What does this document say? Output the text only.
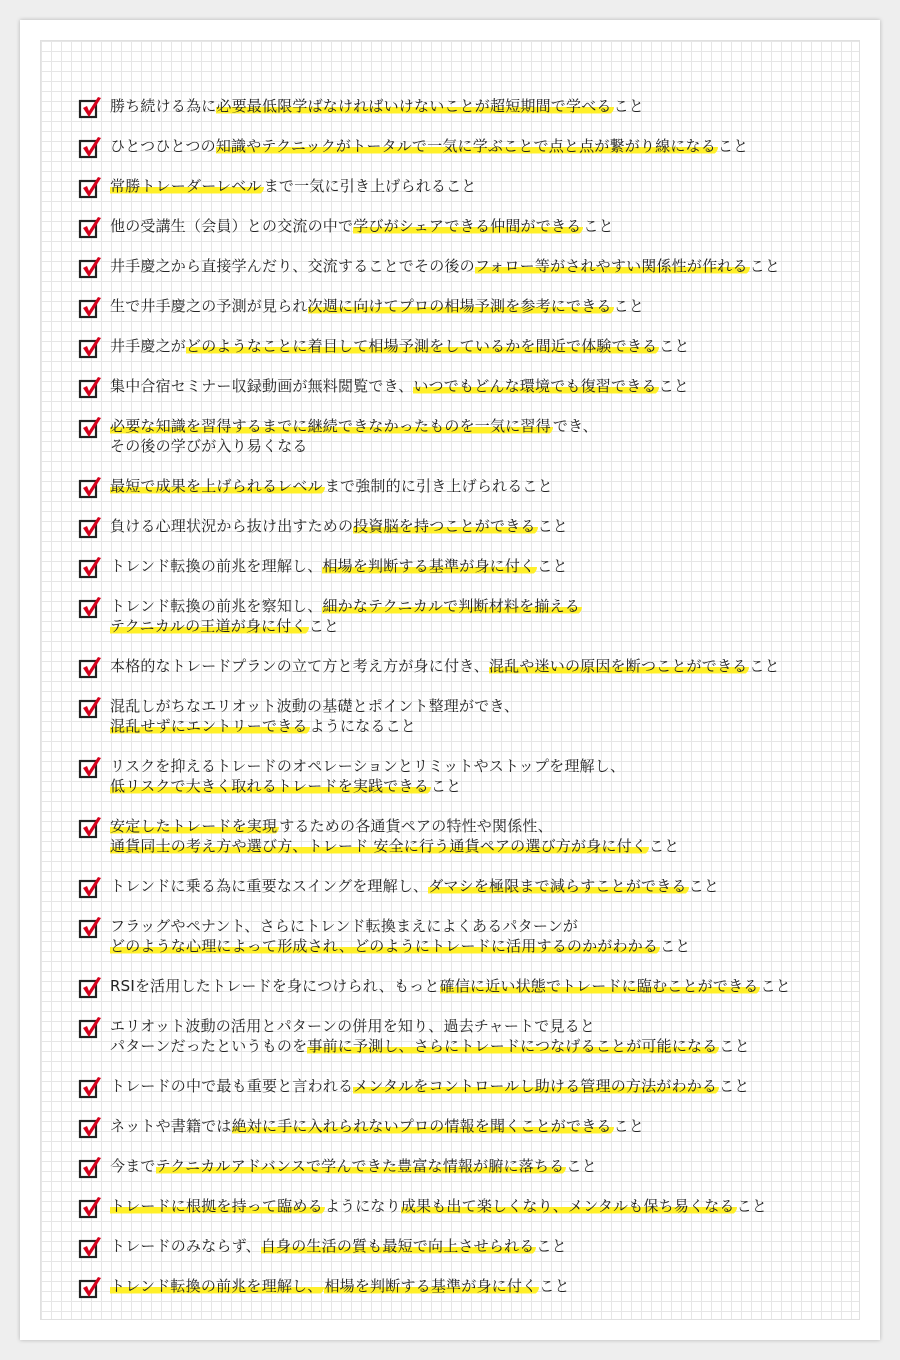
勝ち続ける為に必要最低限学ばなければいけないことが超短期間で学べる こと
ひとつひとつの知識やテクニックがトータルで一気に学ぶことで点と点が繋がり線になる こと
常勝トレーダーレベル まで一気に引き上げられること
他の受講生（会員）との交流の中で学びがシェアできる仲間ができる こと
井手慶之から直接学んだり、交流することでその後のフォロー等がされやすい関係性が作れる こと
生で井手慶之の予測が見られ次週に向けてプロの相場予測を参考にできる こと
井手慶之がどのようなことに着目して相場予測をしているかを間近で体験できる こと
集中合宿セミナー収録動画が無料閲覧でき、いつでもどんな環境でも復習できる こと
必要な知識を習得するまでに継続できなかったものを一気に習得 でき、
その後の学びが入り易くなる
最短で成果を上げられるレベル まで強制的に引き上げられること
負ける心理状況から抜け出すための投資脳を持つことができる こと
トレンド転換の前兆を理解し、相場を判断する基準が身に付く こと
トレンド転換の前兆を察知し、細かなテクニカルで判断材料を揃える
テクニカルの王道が身に付く こと
本格的なトレードプランの立て方と考え方が身に付き、混乱や迷いの原因を断つことができる こと
混乱しがちなエリオット波動の基礎とポイント整理ができ、
混乱せずにエントリーできる ようになること
リスクを抑えるトレードのオペレーションとリミットやストップを理解し、
低リスクで大きく取れるトレードを実践できる こと
安定したトレードを実現 するための各通貨ペアの特性や関係性、
通貨同士の考え方や選び方、トレード 安全に行う通貨ペアの選び方が身に付く こと
トレンドに乗る為に重要なスイングを理解し、ダマシを極限まで減らすことができる こと
フラッグやペナント、さらにトレンド転換まえによくあるパターンが
どのような心理によって形成され、どのようにトレードに活用するのかがわかる こと
RSIを活用したトレードを身につけられ、もっと確信に近い状態でトレードに臨むことができる こと
エリオット波動の活用とパターンの併用を知り、過去チャートで見ると
パターンだったというものを事前に予測し、さらにトレードにつなげることが可能になる こと
トレードの中で最も重要と言われるメンタルをコントロールし助ける管理の方法がわかる こと
ネットや書籍では絶対に手に入れられないプロの情報を聞くことができる こと
今までテクニカルアドバンスで学んできた豊富な情報が腑に落ちる こと
トレードに根拠を持って臨める ようになり成果も出て楽しくなり、メンタルも保ち易くなる こと
トレードのみならず、自身の生活の質も最短で向上させられる こと
トレンド転換の前兆を理解し、 相場を判断する基準が身に付く こと
